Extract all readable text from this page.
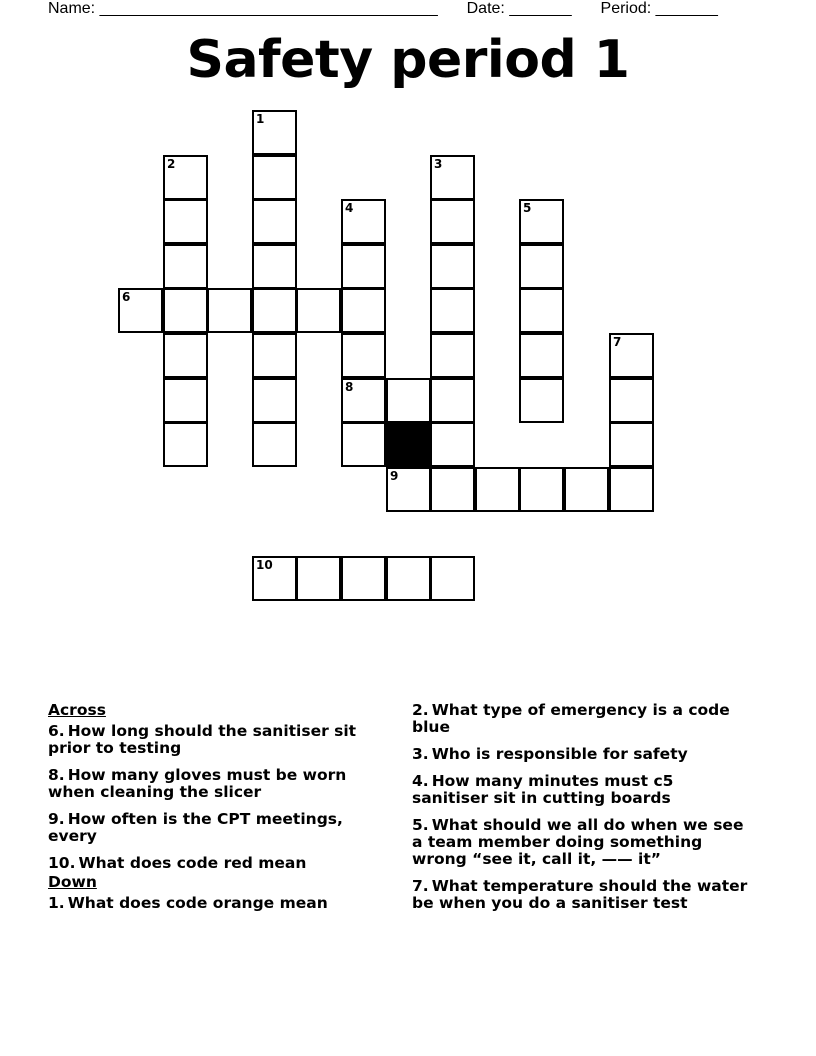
Name: ______________________________________ Date: _______ Period: _______
Safety period 1
1
2	3
4	5
6
7
8
9
10
Across
6. How long should the sanitiser sit prior to testing
8. How many gloves must be worn when cleaning the slicer
9. How often is the CPT meetings, every
10. What does code red mean
Down
1. What does code orange mean
2. What type of emergency is a code blue
3. Who is responsible for safety
4. How many minutes must c5 sanitiser sit in cutting boards
5. What should we all do when we see a team member doing something wrong “see it, call it, —— it”
7. What temperature should the water be when you do a sanitiser test
